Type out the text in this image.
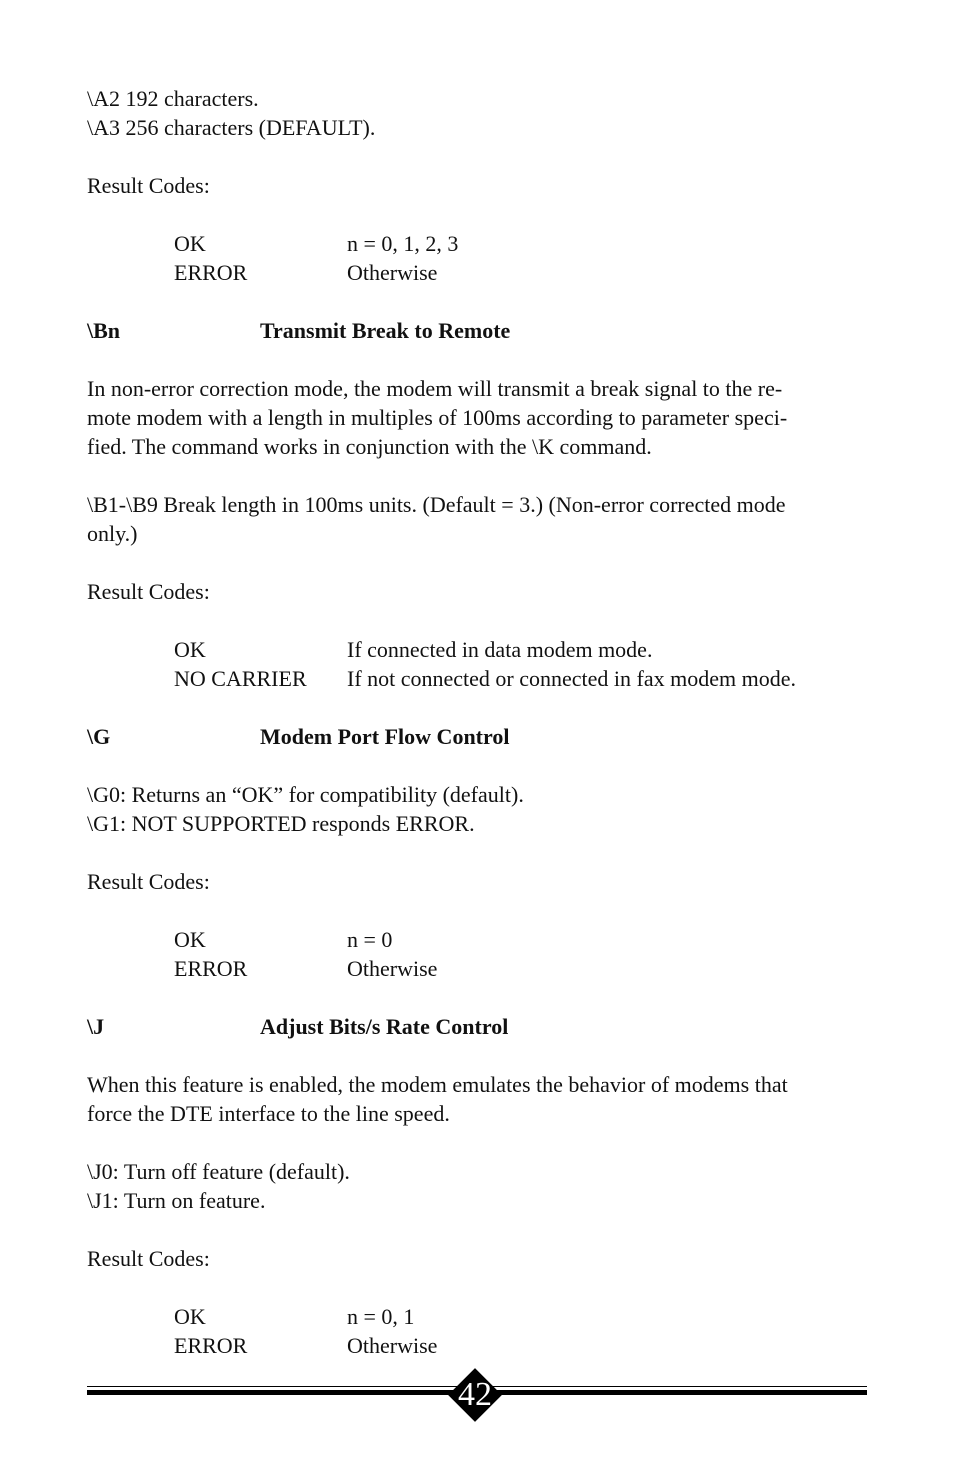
\A2 192 characters.
\A3 256 characters (DEFAULT).
Result Codes:
OK	n = 0, 1, 2, 3
ERROR	Otherwise
\Bn	Transmit Break to Remote
In non-error correction mode, the modem will transmit a break signal to the re-
mote modem with a length in multiples of 100ms according to parameter speci-
fied. The command works in conjunction with the \K command.
\B1-\B9 Break length in 100ms units. (Default = 3.) (Non-error corrected mode
only.)
Result Codes:
OK	If connected in data modem mode.
NO CARRIER	If not connected or connected in fax modem mode.
\G	Modem Port Flow Control
\G0: Returns an “OK” for compatibility (default).
\G1: NOT SUPPORTED responds ERROR.
Result Codes:
OK	n = 0
ERROR	Otherwise
\J	Adjust Bits/s Rate Control
When this feature is enabled, the modem emulates the behavior of modems that
force the DTE interface to the line speed.
\J0: Turn off feature (default).
\J1: Turn on feature.
Result Codes:
OK	n = 0, 1
ERROR	Otherwise
42
